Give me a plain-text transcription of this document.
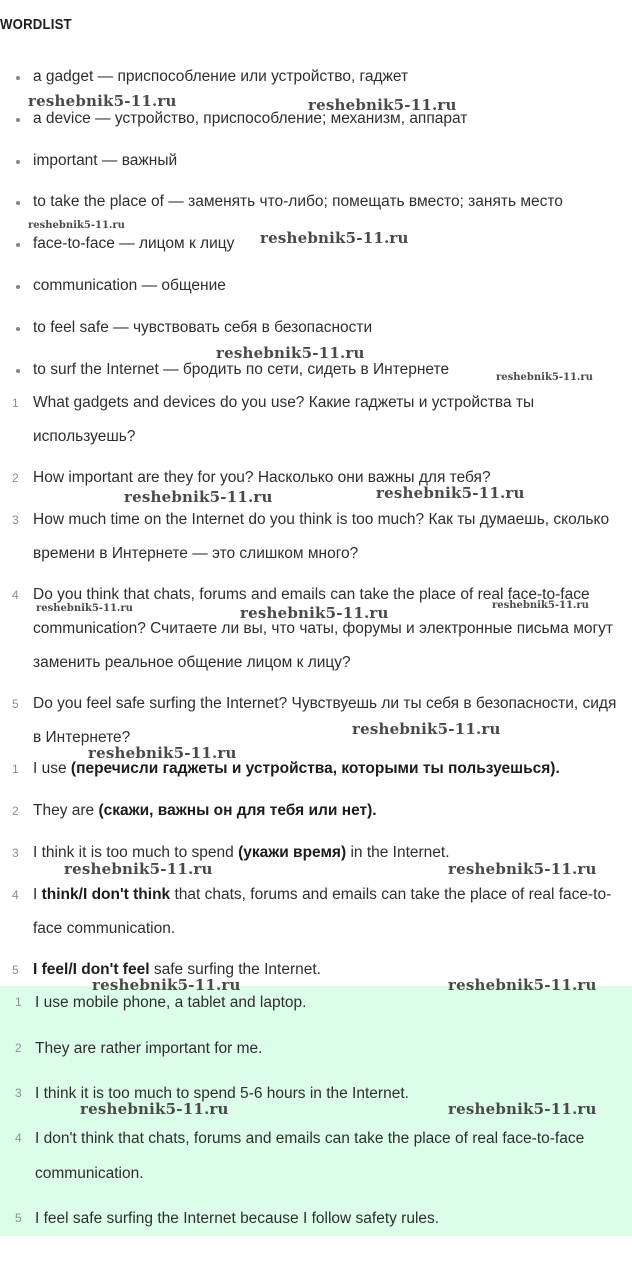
WORDLIST
a gadget — приспособление или устройство, гаджет
a device — устройство, приспособление; механизм, аппарат
important — важный
to take the place of — заменять что-либо; помещать вместо; занять место
face-to-face — лицом к лицу
communication — общение
to feel safe — чувствовать себя в безопасности
to surf the Internet — бродить по сети, сидеть в Интернете
1 What gadgets and devices do you use? Какие гаджеты и устройства ты используешь?
2 How important are they for you? Насколько они важны для тебя?
3 How much time on the Internet do you think is too much? Как ты думаешь, сколько времени в Интернете — это слишком много?
4 Do you think that chats, forums and emails can take the place of real face-to-face communication? Считаете ли вы, что чаты, форумы и электронные письма могут заменить реальное общение лицом к лицу?
5 Do you feel safe surfing the Internet? Чувствуешь ли ты себя в безопасности, сидя в Интернете?
1 I use (перечисли гаджеты и устройства, которыми ты пользуешься).
2 They are (скажи, важны он для тебя или нет).
3 I think it is too much to spend (укажи время) in the Internet.
4 I think/I don't think that chats, forums and emails can take the place of real face-to-face communication.
5 I feel/I don't feel safe surfing the Internet.
1 I use mobile phone, a tablet and laptop.
2 They are rather important for me.
3 I think it is too much to spend 5-6 hours in the Internet.
4 I don't think that chats, forums and emails can take the place of real face-to-face communication.
5 I feel safe surfing the Internet because I follow safety rules.
reshebnik5-11.ru	reshebnik5-11.ru
reshebnik5-11.ru
reshebnik5-11.ru
reshebnik5-11.ru
reshebnik5-11.ru
reshebnik5-11.ru	reshebnik5-11.ru
reshebnik5-11.ru	reshebnik5-11.ru	reshebnik5-11.ru
reshebnik5-11.ru
reshebnik5-11.ru
reshebnik5-11.ru	reshebnik5-11.ru
reshebnik5-11.ru	reshebnik5-11.ru
reshebnik5-11.ru	reshebnik5-11.ru
